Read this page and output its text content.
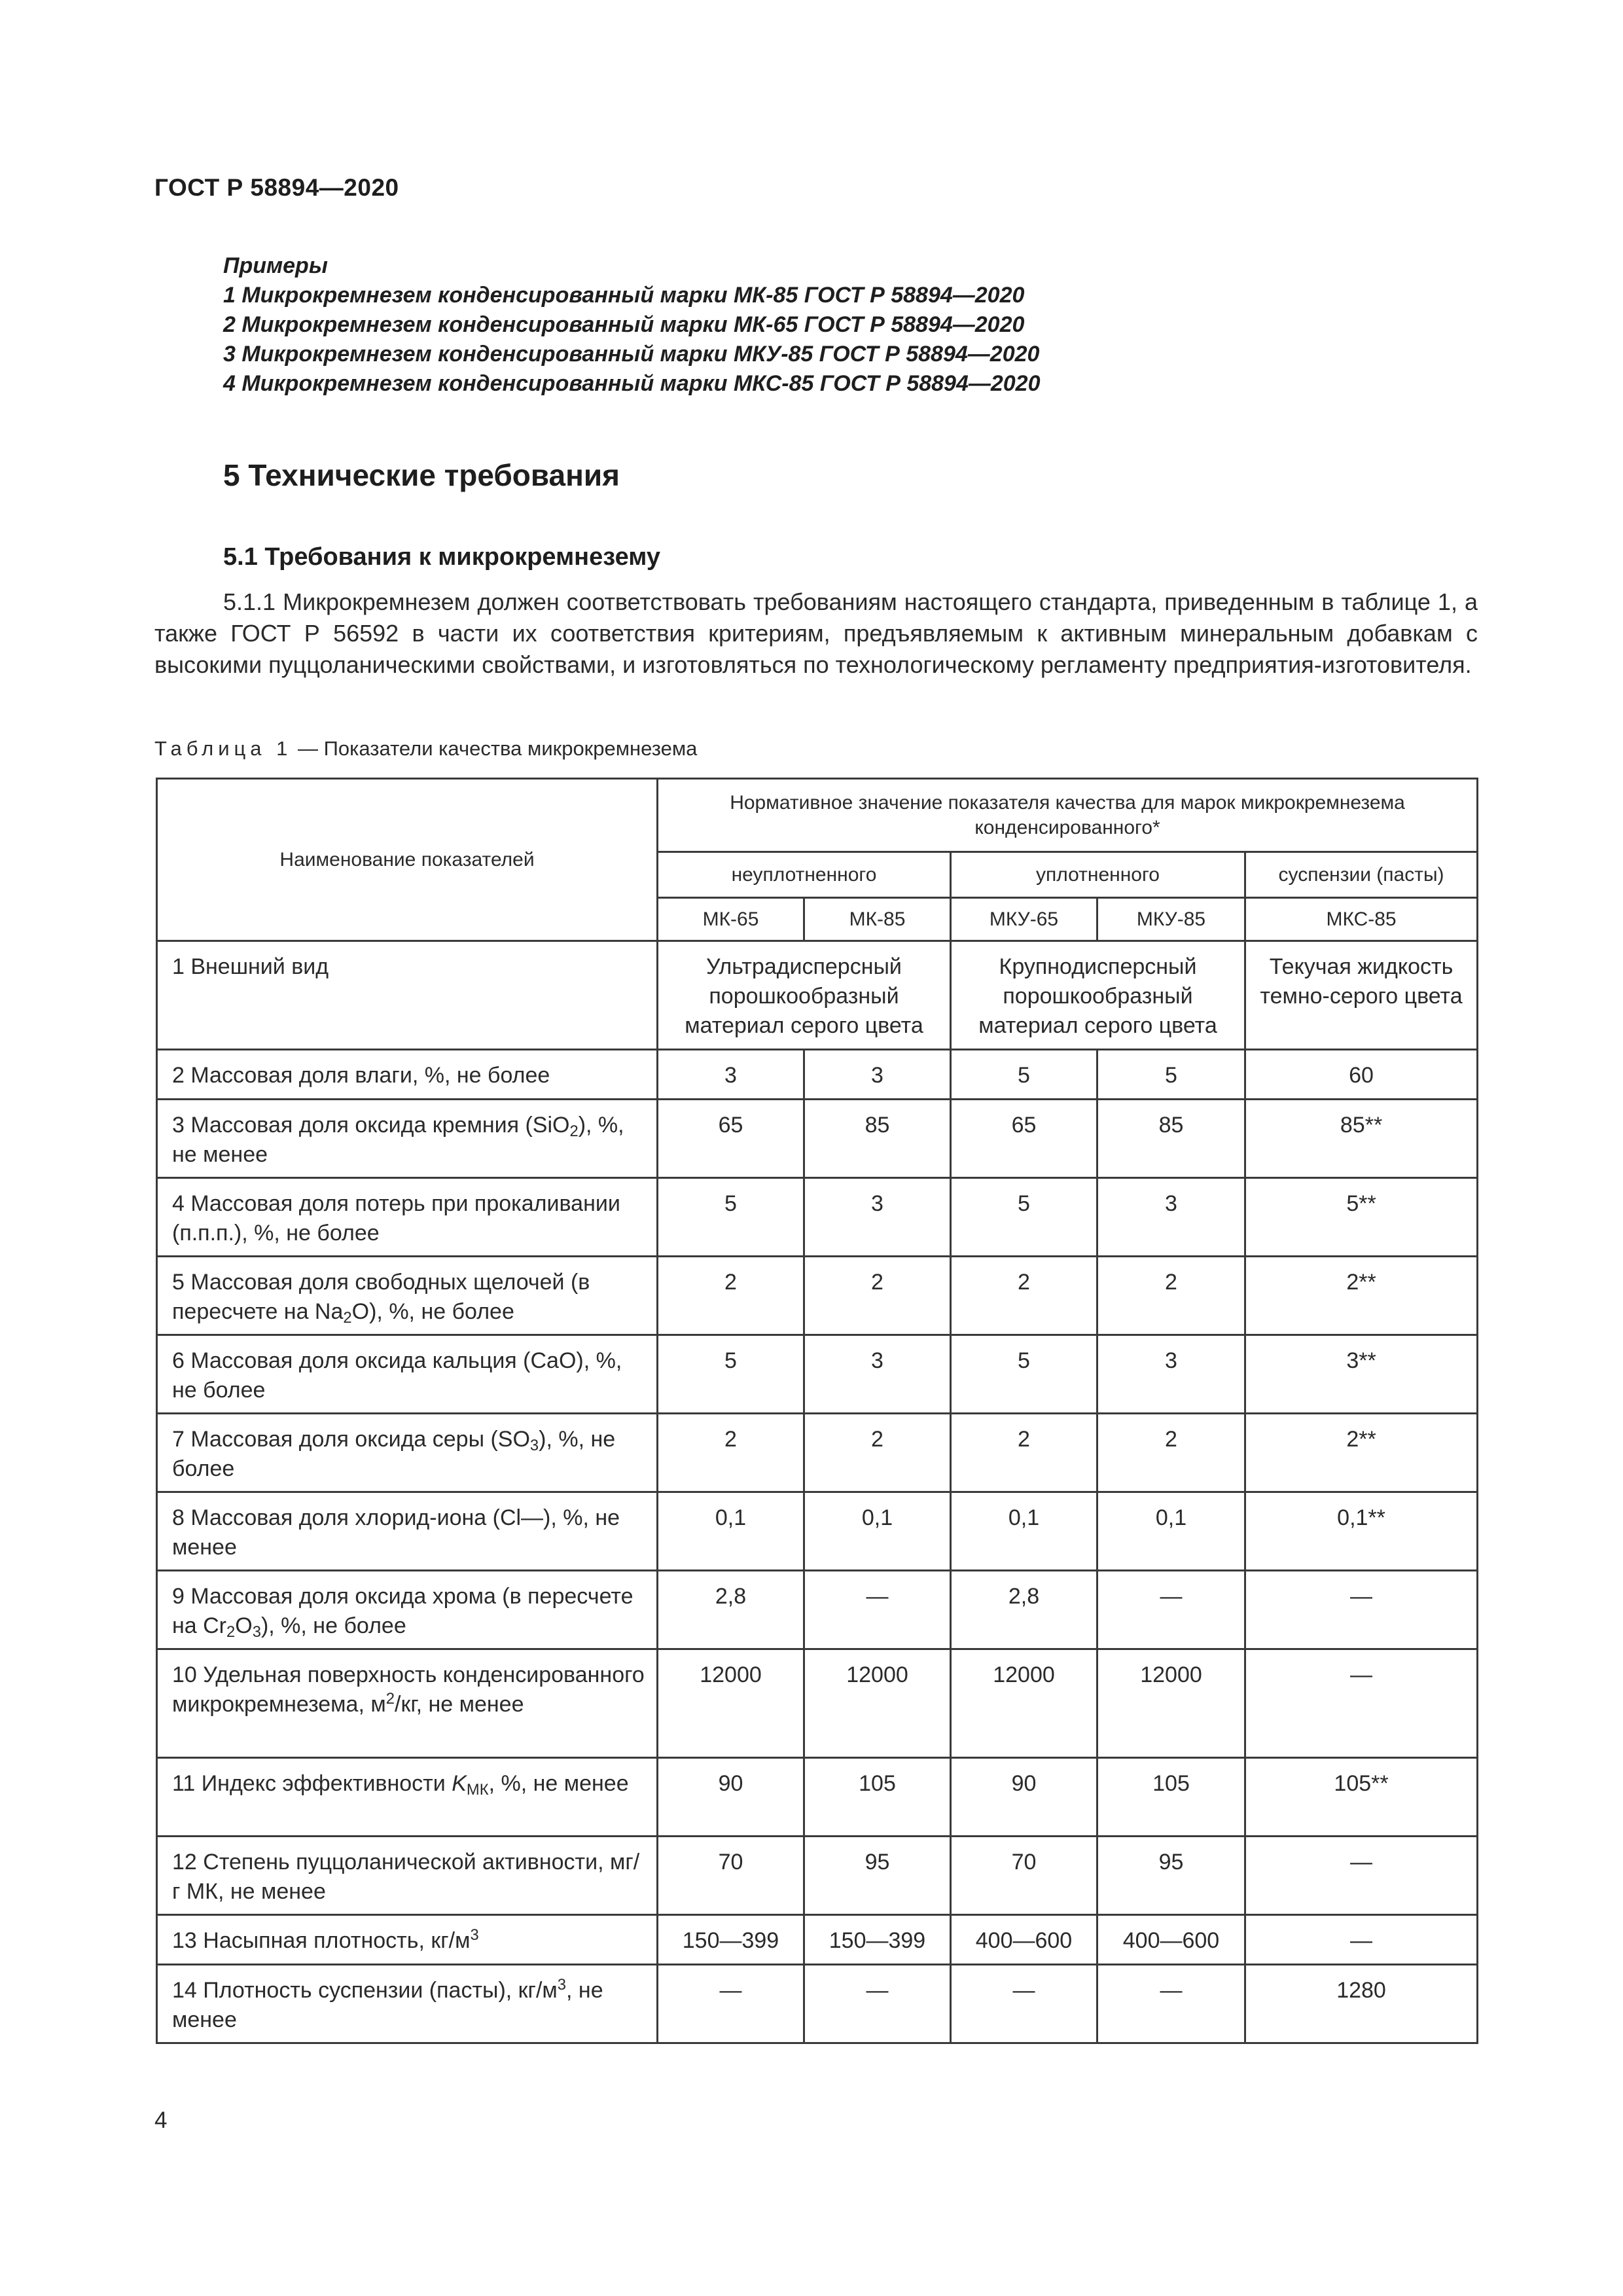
ГОСТ Р 58894—2020
Примеры
1 Микрокремнезем конденсированный марки МК-85 ГОСТ Р 58894—2020
2 Микрокремнезем конденсированный марки МК-65 ГОСТ Р 58894—2020
3 Микрокремнезем конденсированный марки МКУ-85 ГОСТ Р 58894—2020
4 Микрокремнезем конденсированный марки МКС-85 ГОСТ Р 58894—2020
5 Технические требования
5.1 Требования к микрокремнезему
5.1.1 Микрокремнезем должен соответствовать требованиям настоящего стандарта, приведенным в таблице 1, а также ГОСТ Р 56592 в части их соответствия критериям, предъявляемым к активным минеральным добавкам с высокими пуццоланическими свойствами, и изготовляться по технологическому регламенту предприятия-изготовителя.
Таблица 1 — Показатели качества микрокремнезема
Наименование показателей	Нормативное значение показателя качества для марок микрокремнезема конденсированного*				
	неуплотненного		уплотненного		суспензии (пасты)
	МК-65	МК-85	МКУ-65	МКУ-85	МКС-85
1 Внешний вид	Ультрадисперсный порошкообразный материал серого цвета		Крупнодисперсный порошкообразный материал серого цвета		Текучая жидкость темно-серого цвета
2 Массовая доля влаги, %, не более	3	3	5	5	60
3 Массовая доля оксида кремния (SiO$_2$), %, не менее	65	85	65	85	85**
4 Массовая доля потерь при прокаливании (п.п.п.), %, не более	5	3	5	3	5**
5 Массовая доля свободных щелочей (в пересчете на $Na_2O$), %, не более	2	2	2	2	2**
6 Массовая доля оксида кальция (CaO), %, не более	5	3	5	3	3**
7 Массовая доля оксида серы $(SO_3)$, %, не более	2	2	2	2	2**
8 Массовая доля хлорид-иона (Cl—), %, не менее	0,1	0,1	0,1	0,1	0,1**
9 Массовая доля оксида хрома (в пересчете на $Cr_2O_3$), %, не более	2,8	—	2,8	—	—
10 Удельная поверхность конденсированного микрокремнезема, $м^2/кг$, не менее	12000	12000	12000	12000	—
11 Индекс эффективности $K_{МК}$, %, не менее	90	105	90	105	105**
12 Степень пуццоланической активности, мг/г МК, не менее	70	95	70	95	—
13 Насыпная плотность, $кг/м^3$	150—399	150—399	400—600	400—600	—
14 Плотность суспензии (пасты), $кг/м^3$, не менее	—	—	—	—	1280
4
